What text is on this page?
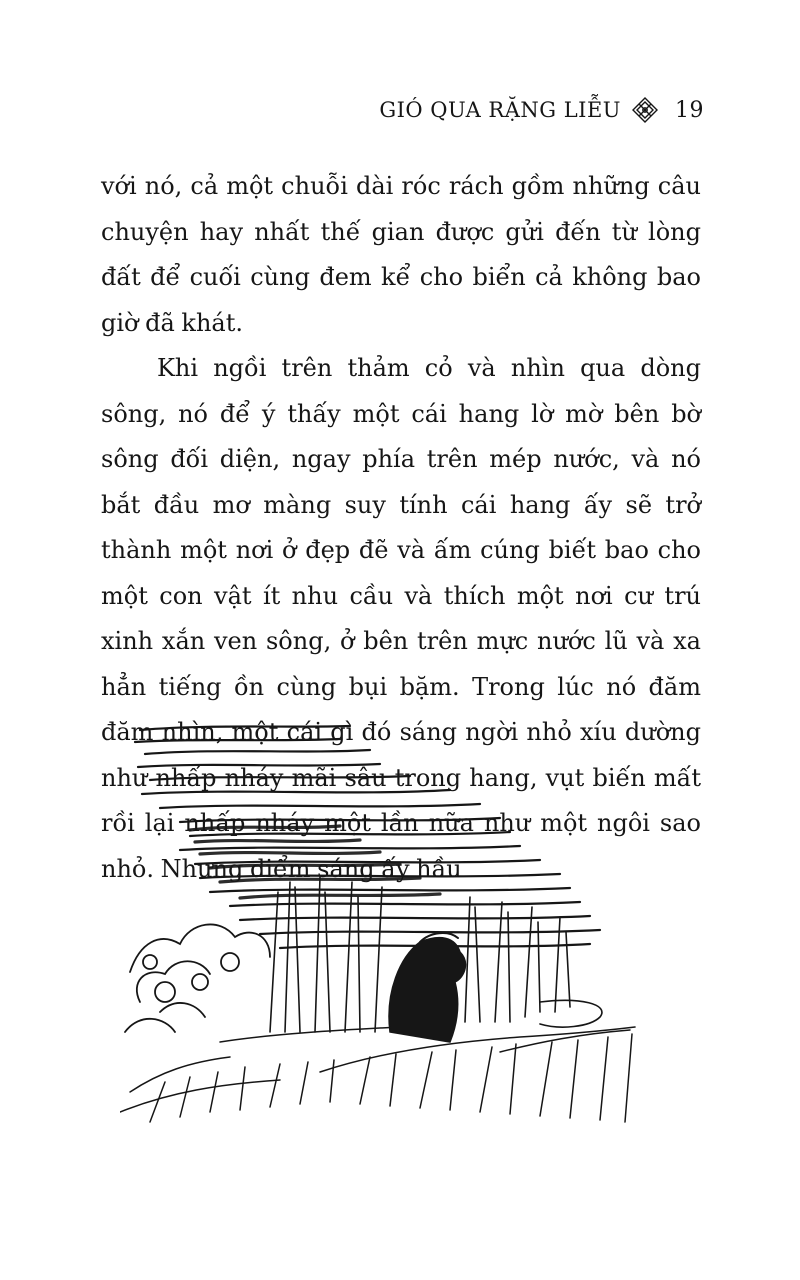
GIÓ QUA RẶNG LIỄU 19

với nó, cả một chuỗi dài róc rách gồm những câu chuyện hay nhất thế gian được gửi đến từ lòng đất để cuối cùng đem kể cho biển cả không bao giờ đã khát.

Khi ngồi trên thảm cỏ và nhìn qua dòng sông, nó để ý thấy một cái hang lờ mờ bên bờ sông đối diện, ngay phía trên mép nước, và nó bắt đầu mơ màng suy tính cái hang ấy sẽ trở thành một nơi ở đẹp đẽ và ấm cúng biết bao cho một con vật ít nhu cầu và thích một nơi cư trú xinh xắn ven sông, ở bên trên mực nước lũ và xa hẳn tiếng ồn cùng bụi bặm. Trong lúc nó đăm đăm nhìn, một cái gì đó sáng ngời nhỏ xíu dường như nhấp nháy mãi sâu trong hang, vụt biến mất rồi lại nhấp nháy một lần nữa như một ngôi sao nhỏ. Nhưng điểm sáng ấy hầu
